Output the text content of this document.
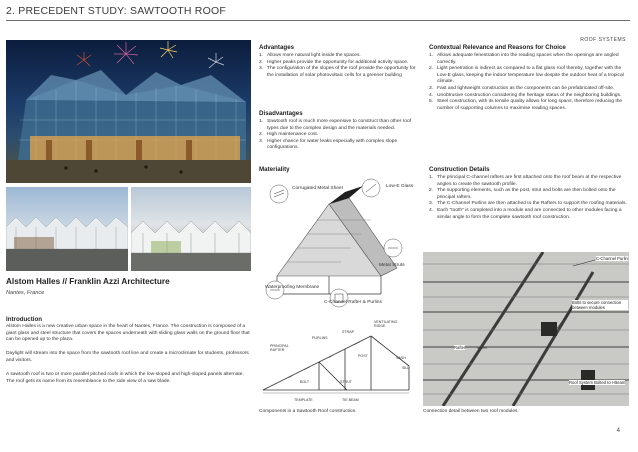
2. PRECEDENT STUDY: SAWTOOTH ROOF
ROOF SYSTEMS
Alstom Halles // Franklin Azzi Architecture
Nantes, France
Introduction
Alstom Halles is a new creative urban space in the heart of Nantes, France. The construction is composed of a giant glass and steel structure that covers the spaces underneath with sliding glass walls on the ground floor that can be opened up to the plaza.
Daylight will stream into the space from the sawtooth roof line and create a microclimate for students, professors and visitors.
A sawtooth roof is two or more parallel pitched roofs in which the low-sloped and high-sloped panels alternate. The roof gets its name from its resemblance to the side view of a saw blade.
Advantages
1. Allows more natural light inside the spaces.
2. Higher peaks provide the opportunity for additional activity space.
3. The configuration of the slopes of the roof provide the opportunity for the installation of solar photovoltaic cells for a greener building
Disadvantages
1. Sawtooth roof is much more expensive to construct than other roof types due to the complex design and the materials needed.
2. High maintenance cost.
3. Higher chance for water leaks especially with complex slope configurations.
Materiality
Corrugated Metal Sheet	Low-E Glass
Metal Struts
Waterproofing Membrane
C-Channel Rafter & Purlins
VENTILATING RIDGE
STRAP
PURLINS
PRINCIPAL RAFTER
POST	SASH
SILL
BOLT	STRUT
TEMPLATE	TIE BEAM
Contextual Relevance and Reasons for Choice
1. Allows adequate fenestration into the reading spaces when the openings are angled correctly.
2. Light penetration is indirect as compared to a flat glass roof thereby, together with the Low-E glass, keeping the indoor temperature low despite the outdoor heat of a tropical climate.
3. Fast and lightweight construction as the components can be prefabricated off-site.
4. Unobtrusive construction considering the heritage status of the neighboring buildings.
5. Steel construction, with its tensile quality allows for long spans, therefore reducing the number of supporting columns to maximise reading spaces.
Construction Details
1. The principal C-channel rafters are first attached onto the roof beam at the respective angles to create the sawtooth profile.
2. The supporting elements, such as the post, strut and bolts are then bolted onto the principal rafters.
3. The C-Channel Purlins are then attached to the Rafters to support the roofing materials.
4. Each "tooth" is completed into a module and are connected to other modules facing a similar angle to form the complete sawtooth roof construction.
C-Channel Purlin
Bolts to secure connection between modules
Rafter
Roof System Bolted to I-Beam
Components in a Sawtooth Roof construction.	Connection detail between two roof modules.
4
